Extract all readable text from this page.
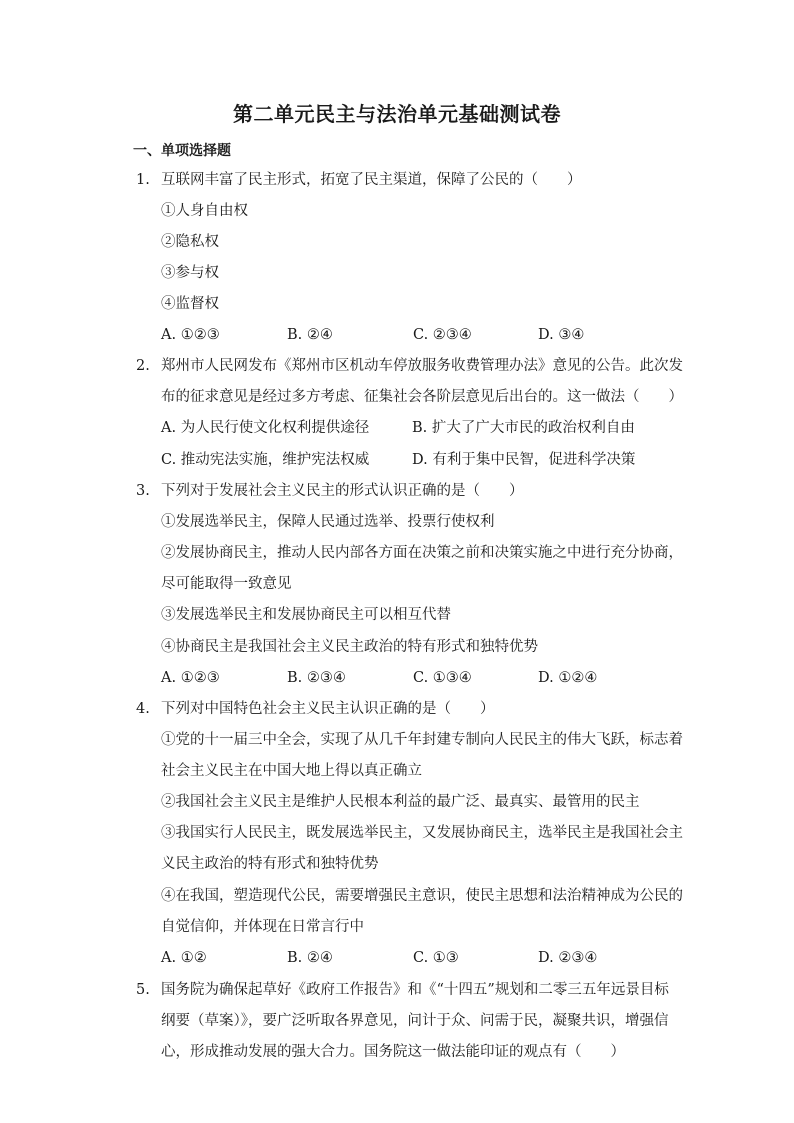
第二单元民主与法治单元基础测试卷
一、单项选择题
1. 互联网丰富了民主形式，拓宽了民主渠道，保障了公民的（　　）
①人身自由权
②隐私权
③参与权
④监督权
A. ①②③	B. ②④	C. ②③④	D. ③④
2. 郑州市人民网发布《郑州市区机动车停放服务收费管理办法》意见的公告。此次发
布的征求意见是经过多方考虑、征集社会各阶层意见后出台的。这一做法（　　）
A. 为人民行使文化权利提供途径	B. 扩大了广大市民的政治权利自由
C. 推动宪法实施，维护宪法权威	D. 有利于集中民智，促进科学决策
3. 下列对于发展社会主义民主的形式认识正确的是（　　）
①发展选举民主，保障人民通过选举、投票行使权利
②发展协商民主，推动人民内部各方面在决策之前和决策实施之中进行充分协商，
尽可能取得一致意见
③发展选举民主和发展协商民主可以相互代替
④协商民主是我国社会主义民主政治的特有形式和独特优势
A. ①②③	B. ②③④	C. ①③④	D. ①②④
4. 下列对中国特色社会主义民主认识正确的是（　　）
①党的十一届三中全会，实现了从几千年封建专制向人民民主的伟大飞跃，标志着
社会主义民主在中国大地上得以真正确立
②我国社会主义民主是维护人民根本利益的最广泛、最真实、最管用的民主
③我国实行人民民主，既发展选举民主，又发展协商民主，选举民主是我国社会主
义民主政治的特有形式和独特优势
④在我国，塑造现代公民，需要增强民主意识，使民主思想和法治精神成为公民的
自觉信仰，并体现在日常言行中
A. ①②	B. ②④	C. ①③	D. ②③④
5. 国务院为确保起草好《政府工作报告》和《“十四五”规划和二零三五年远景目标
纲要（草案）》，要广泛听取各界意见，问计于众、问需于民，凝聚共识，增强信
心，形成推动发展的强大合力。国务院这一做法能印证的观点有（　　）
